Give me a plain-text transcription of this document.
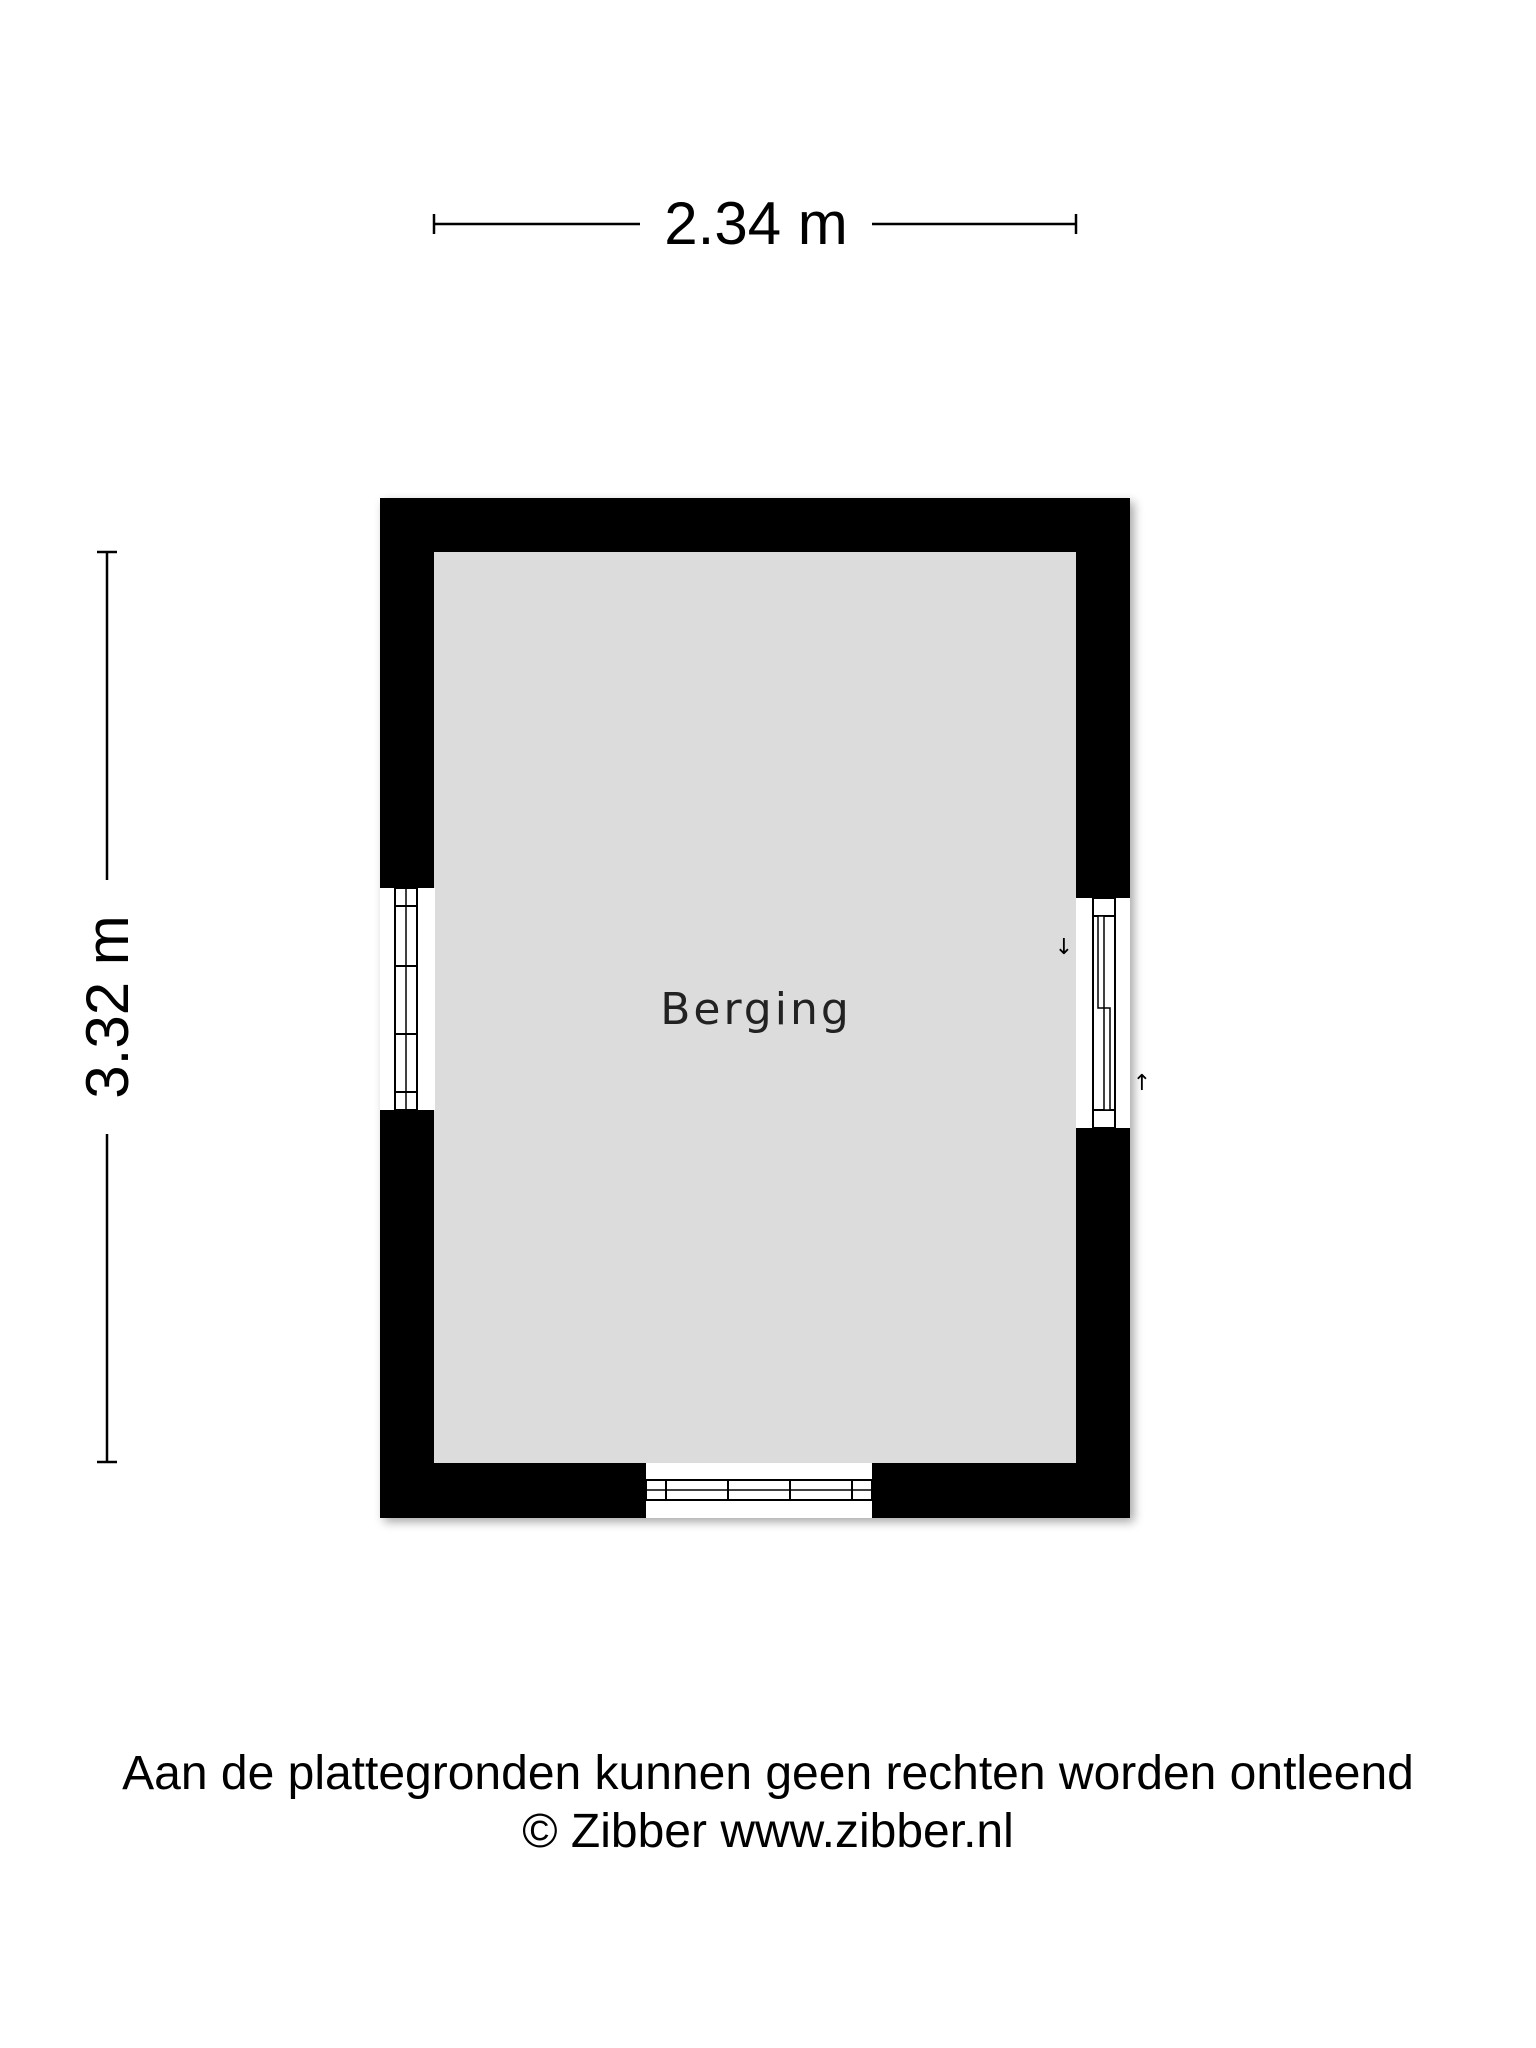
2.34 m
3.32 m	↓
↑
Berging
Aan de plattegronden kunnen geen rechten worden ontleend
© Zibber www.zibber.nl
